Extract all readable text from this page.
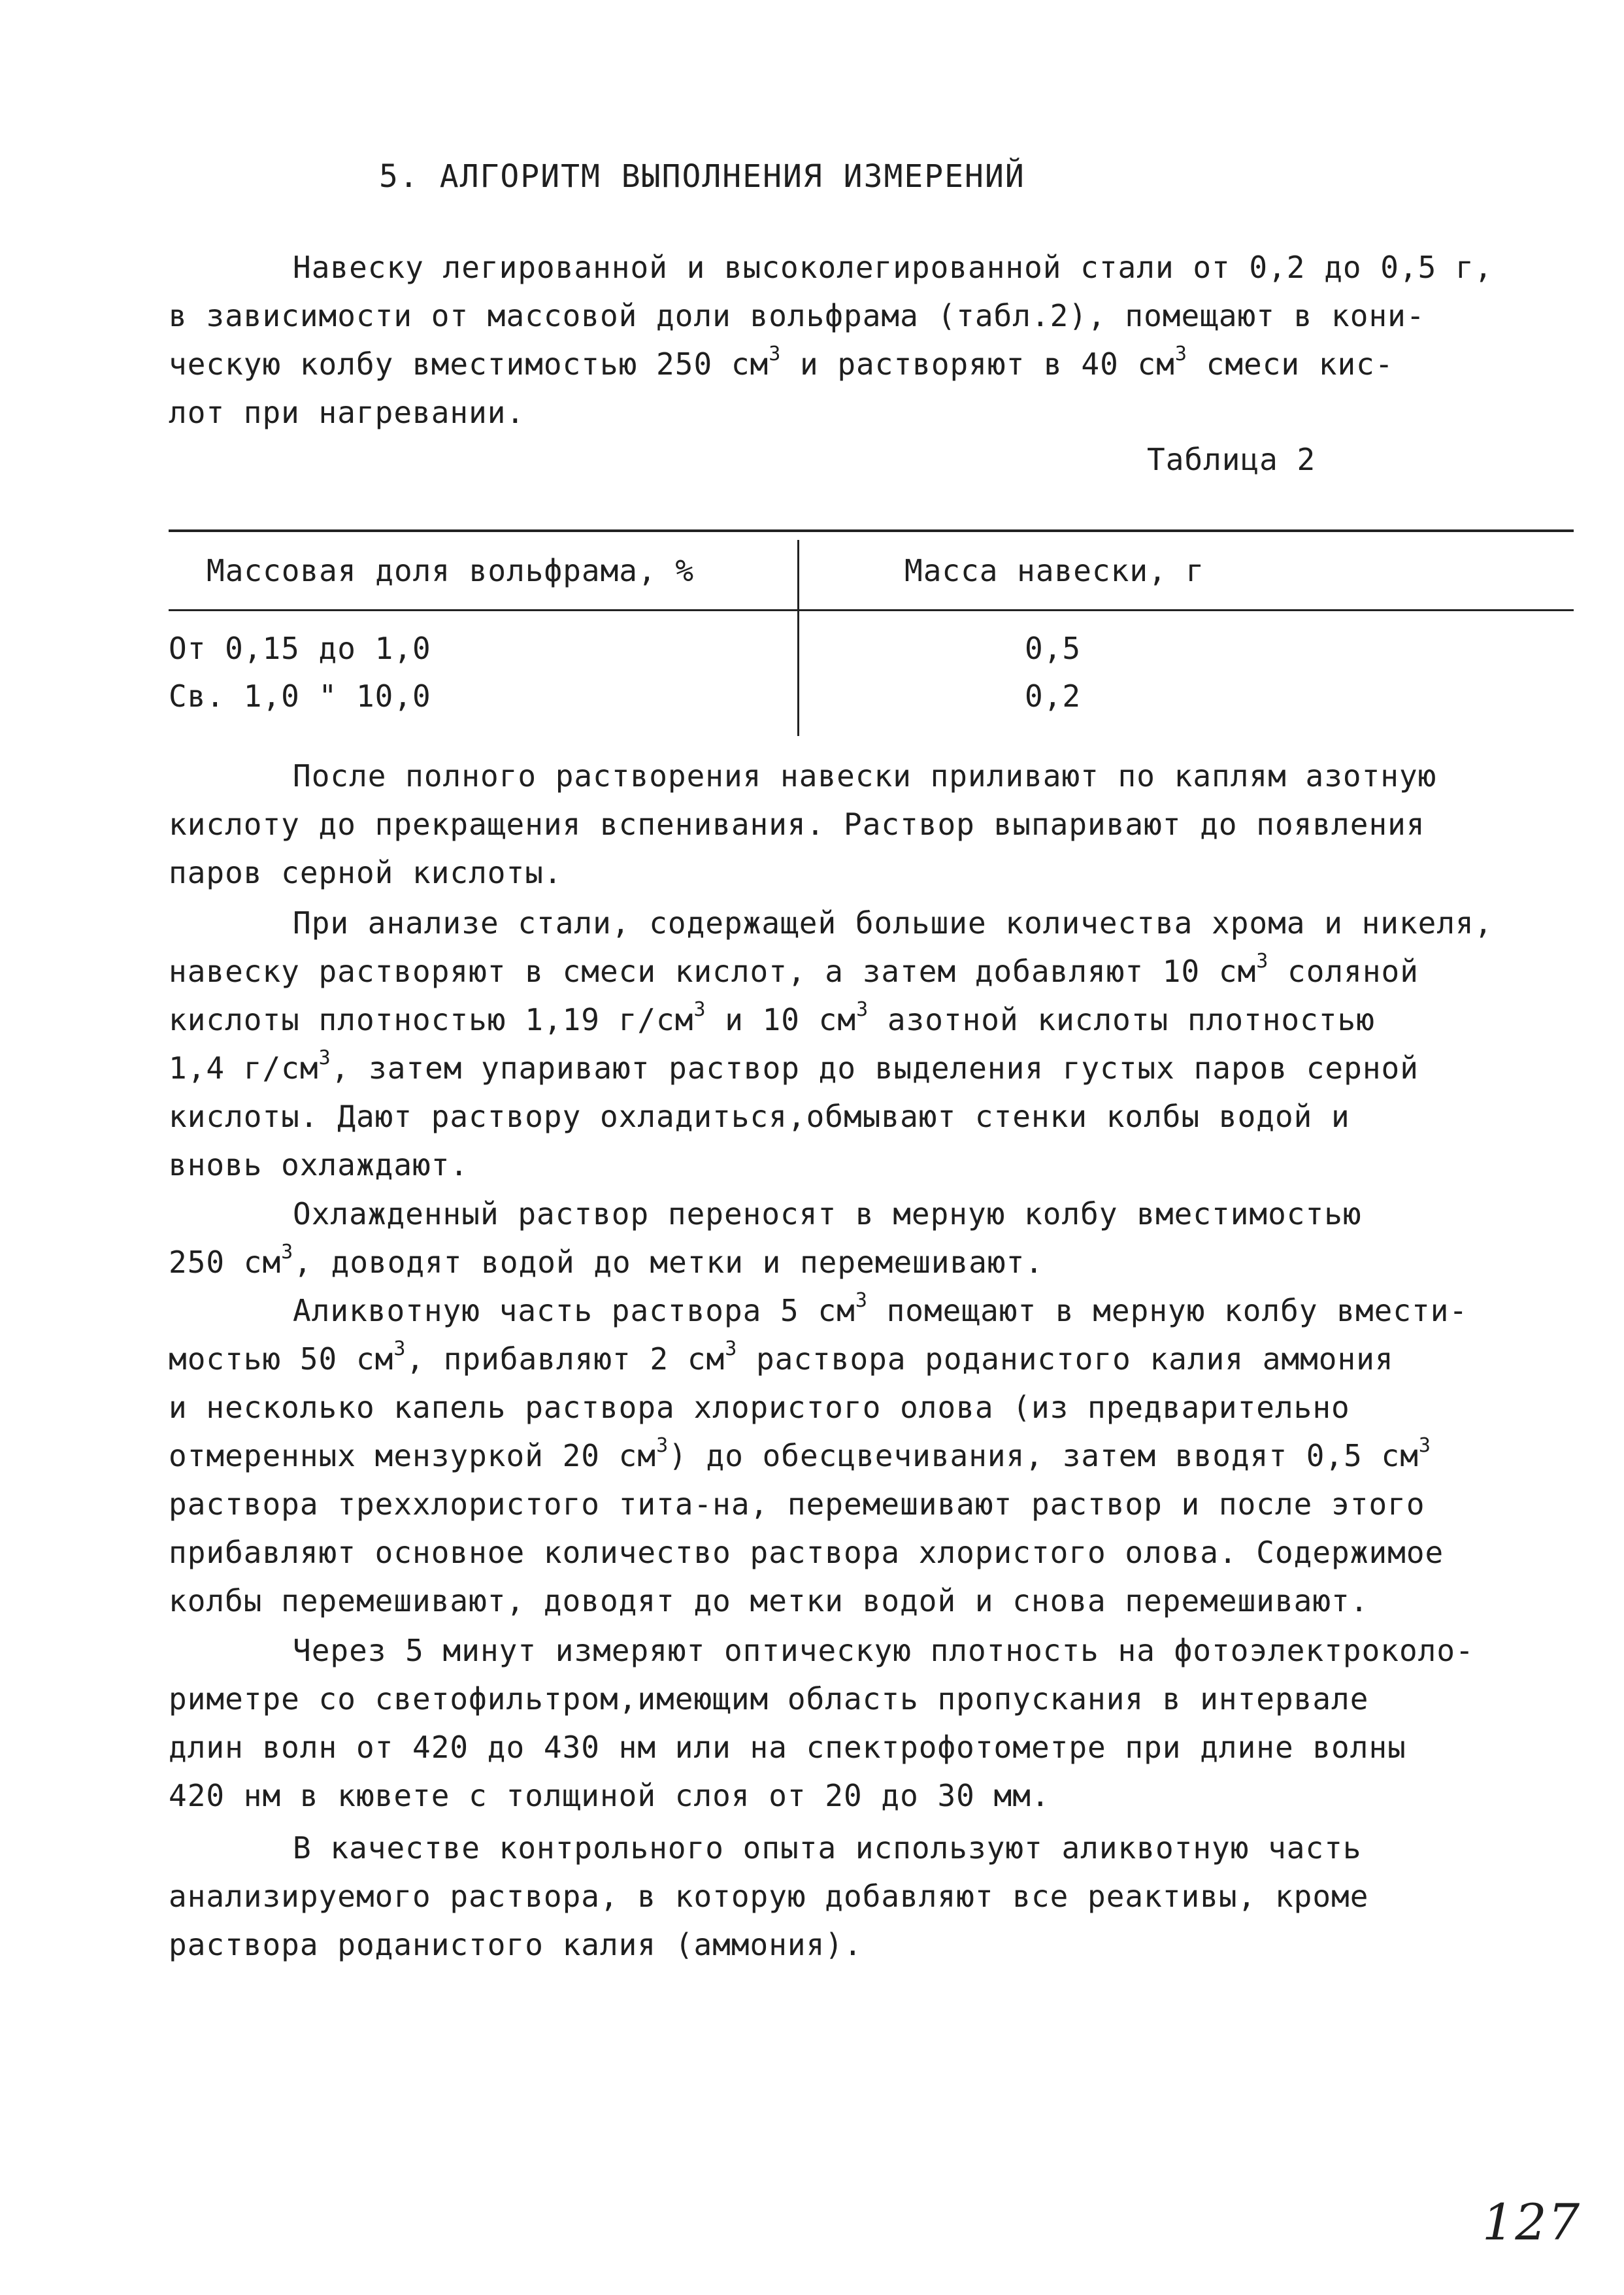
5. АЛГОРИТМ ВЫПОЛНЕНИЯ ИЗМЕРЕНИЙ
Навеску легированной и высоколегированной стали от 0,2 до 0,5 г,
в зависимости от массовой доли вольфрама (табл.2), помещают в кони-
ческую колбу вместимостью 250 $см^3$ и растворяют в 40 $см^3$ смеси кис-
лот при нагревании.
Таблица 2
Массовая доля вольфрама, %	Масса навески, г
От 0,15 до 1,0	0,5
Св. 1,0 " 10,0	0,2
После полного растворения навески приливают по каплям азотную
кислоту до прекращения вспенивания. Раствор выпаривают до появления
паров серной кислоты.
При анализе стали, содержащей большие количества хрома и никеля,
навеску растворяют в смеси кислот, а затем добавляют 10 $см^3$ соляной
кислоты плотностью 1,19 $г/см^3$ и 10 $см^3$ азотной кислоты плотностью
1,4 $г/см^3$, затем упаривают раствор до выделения густых паров серной
кислоты. Дают раствору охладиться,обмывают стенки колбы водой и
вновь охлаждают.
Охлажденный раствор переносят в мерную колбу вместимостью
250 $см^3$, доводят водой до метки и перемешивают.
Аликвотную часть раствора 5 $см^3$ помещают в мерную колбу вмести-
мостью 50 $см^3$, прибавляют 2 $см^3$ раствора роданистого калия аммония
и несколько капель раствора хлористого олова (из предварительно
отмеренных мензуркой 20 $см^3$) до обесцвечивания, затем вводят 0,5 $см^3$
раствора треххлористого тита-на, перемешивают раствор и после этого
прибавляют основное количество раствора хлористого олова. Содержимое
колбы перемешивают, доводят до метки водой и снова перемешивают.
Через 5 минут измеряют оптическую плотность на фотоэлектроколо-
риметре со светофильтром,имеющим область пропускания в интервале
длин волн от 420 до 430 нм или на спектрофотометре при длине волны
420 нм в кювете с толщиной слоя от 20 до 30 мм.
В качестве контрольного опыта используют аликвотную часть
анализируемого раствора, в которую добавляют все реактивы, кроме
раствора роданистого калия (аммония).
127
